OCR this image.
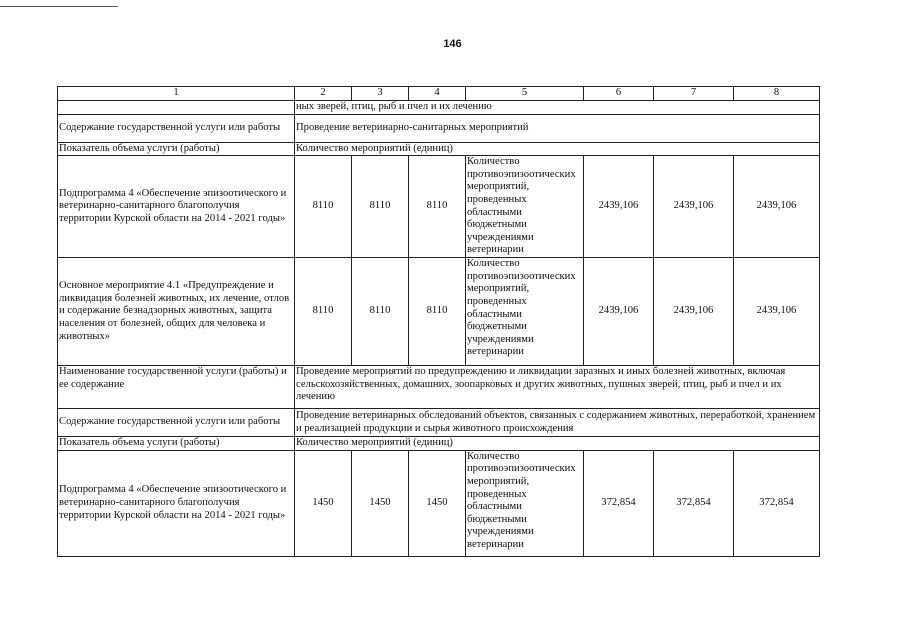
146
1	2	3	4	5	6	7	8
	ных зверей, птиц, рыб и пчел и их лечению						
Содержание государственной услуги или работы	Проведение ветеринарно-санитарных мероприятий						
Показатель объема услуги (работы)	Количество мероприятий (единиц)						
Подпрограмма 4 «Обеспечение эпизоотического и ветеринарно-санитарного благополучия территории Курской области на 2014 - 2021 годы»	8110	8110	8110	Количество противоэпизоотических мероприятий, проведенных областными бюджетными учреждениями ветеринарии	2439,106	2439,106	2439,106
Основное мероприятие 4.1 «Предупреждение и ликвидация болезней животных, их лечение, отлов и содержание безнадзорных животных, защита населения от болезней, общих для человека и животных»	8110	8110	8110	Количество противоэпизоотических мероприятий, проведенных областными бюджетными учреждениями ветеринарии	2439,106	2439,106	2439,106
Наименование государственной услуги (работы) и ее содержание	Проведение мероприятий по предупреждению и ликвидации заразных и иных болезней животных, включая сельскохозяйственных, домашних, зоопарковых и других животных, пушных зверей, птиц, рыб и пчел и их лечению						
Содержание государственной услуги или работы	Проведение ветеринарных обследований объектов, связанных с содержанием животных, переработкой, хранением и реализацией продукции и сырья животного происхождения						
Показатель объема услуги (работы)	Количество мероприятий (единиц)						
Подпрограмма 4 «Обеспечение эпизоотического и ветеринарно-санитарного благополучия территории Курской области на 2014 - 2021 годы»	1450	1450	1450	Количество противоэпизоотических мероприятий, проведенных областными бюджетными учреждениями ветеринарии	372,854	372,854	372,854
